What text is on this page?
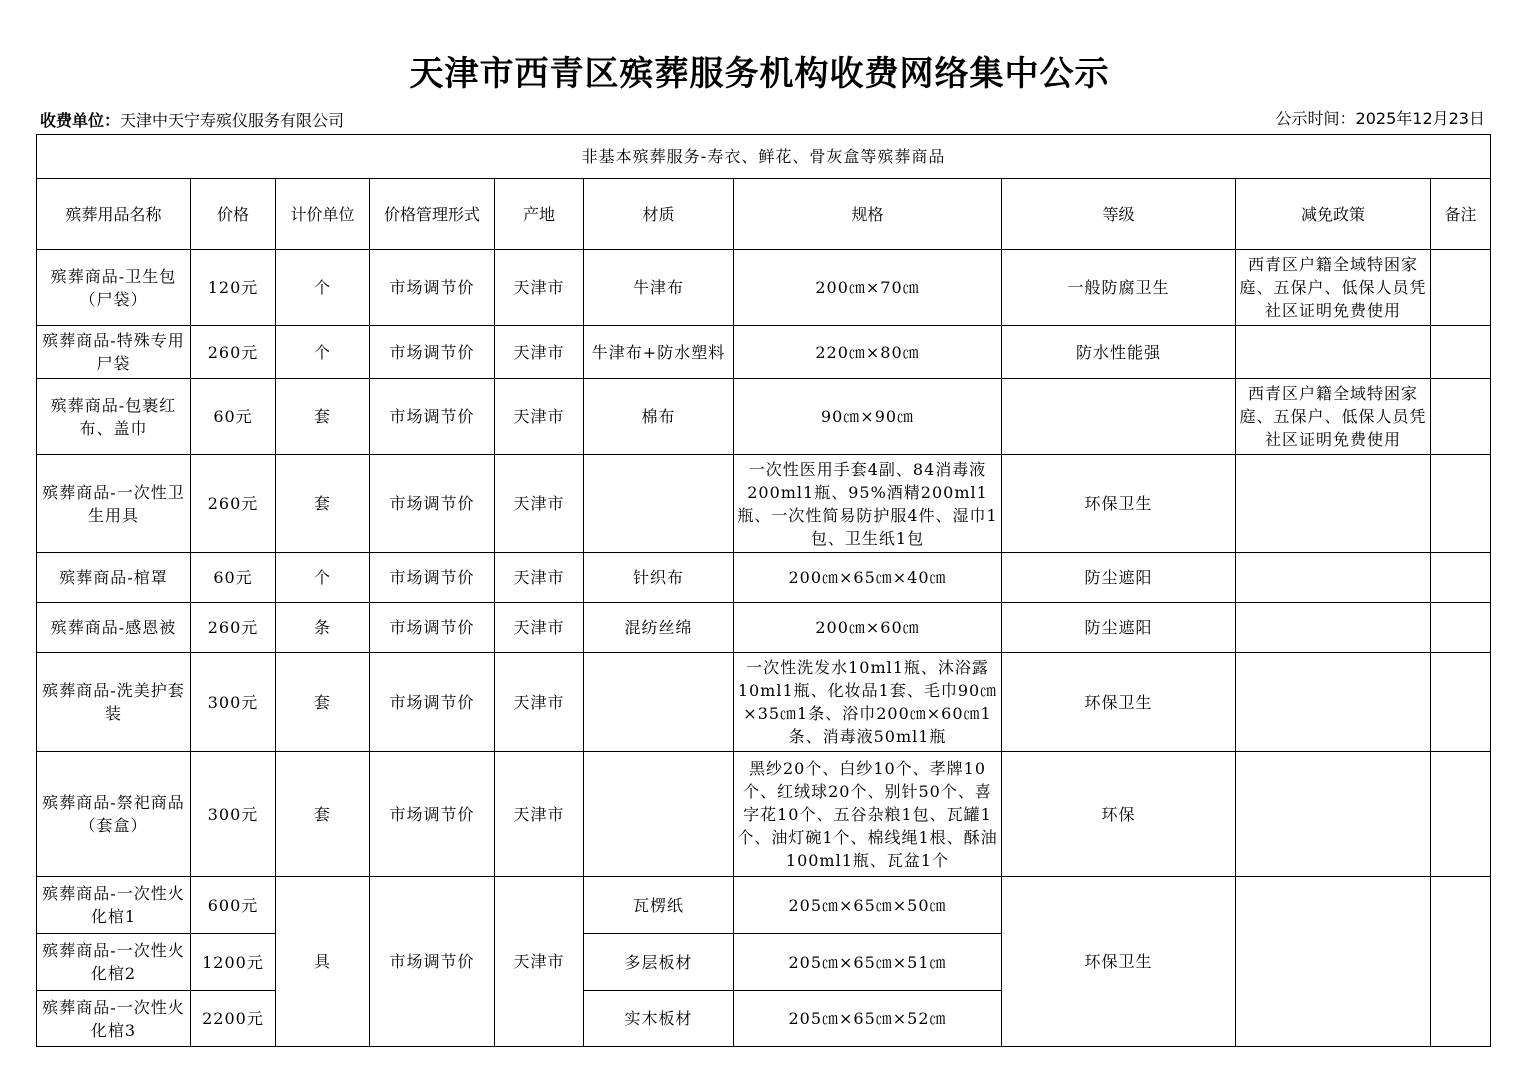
天津市西青区殡葬服务机构收费网络集中公示
收费单位：天津中天宁寿殡仪服务有限公司	公示时间：2025年12月23日
非基本殡葬服务-寿衣、鲜花、骨灰盒等殡葬商品									
殡葬用品名称	价格	计价单位	价格管理形式	产地	材质	规格	等级	减免政策	备注
殡葬商品-卫生包（尸袋）	120元	个	市场调节价	天津市	牛津布	200㎝×70㎝	一般防腐卫生	西青区户籍全域特困家庭、五保户、低保人员凭社区证明免费使用	
殡葬商品-特殊专用尸袋	260元	个	市场调节价	天津市	牛津布+防水塑料	220㎝×80㎝	防水性能强		
殡葬商品-包裹红布、盖巾	60元	套	市场调节价	天津市	棉布	90㎝×90㎝		西青区户籍全域特困家庭、五保户、低保人员凭社区证明免费使用	
殡葬商品-一次性卫生用具	260元	套	市场调节价	天津市		一次性医用手套4副、84消毒液200ml1瓶、95%酒精200ml1瓶、一次性简易防护服4件、湿巾1包、卫生纸1包	环保卫生		
殡葬商品-棺罩	60元	个	市场调节价	天津市	针织布	200㎝×65㎝×40㎝	防尘遮阳		
殡葬商品-感恩被	260元	条	市场调节价	天津市	混纺丝绵	200㎝×60㎝	防尘遮阳		
殡葬商品-洗美护套装	300元	套	市场调节价	天津市		一次性洗发水10ml1瓶、沐浴露10ml1瓶、化妆品1套、毛巾90㎝×35㎝1条、浴巾200㎝×60㎝1条、消毒液50ml1瓶	环保卫生		
殡葬商品-祭祀商品（套盒）	300元	套	市场调节价	天津市		黑纱20个、白纱10个、孝牌10个、红绒球20个、别针50个、喜字花10个、五谷杂粮1包、瓦罐1个、油灯碗1个、棉线绳1根、酥油100ml1瓶、瓦盆1个	环保		
殡葬商品-一次性火化棺1	600元	具	市场调节价	天津市	瓦楞纸	205㎝×65㎝×50㎝	环保卫生		
殡葬商品-一次性火化棺2	1200元				多层板材	205㎝×65㎝×51㎝			
殡葬商品-一次性火化棺3	2200元				实木板材	205㎝×65㎝×52㎝			
